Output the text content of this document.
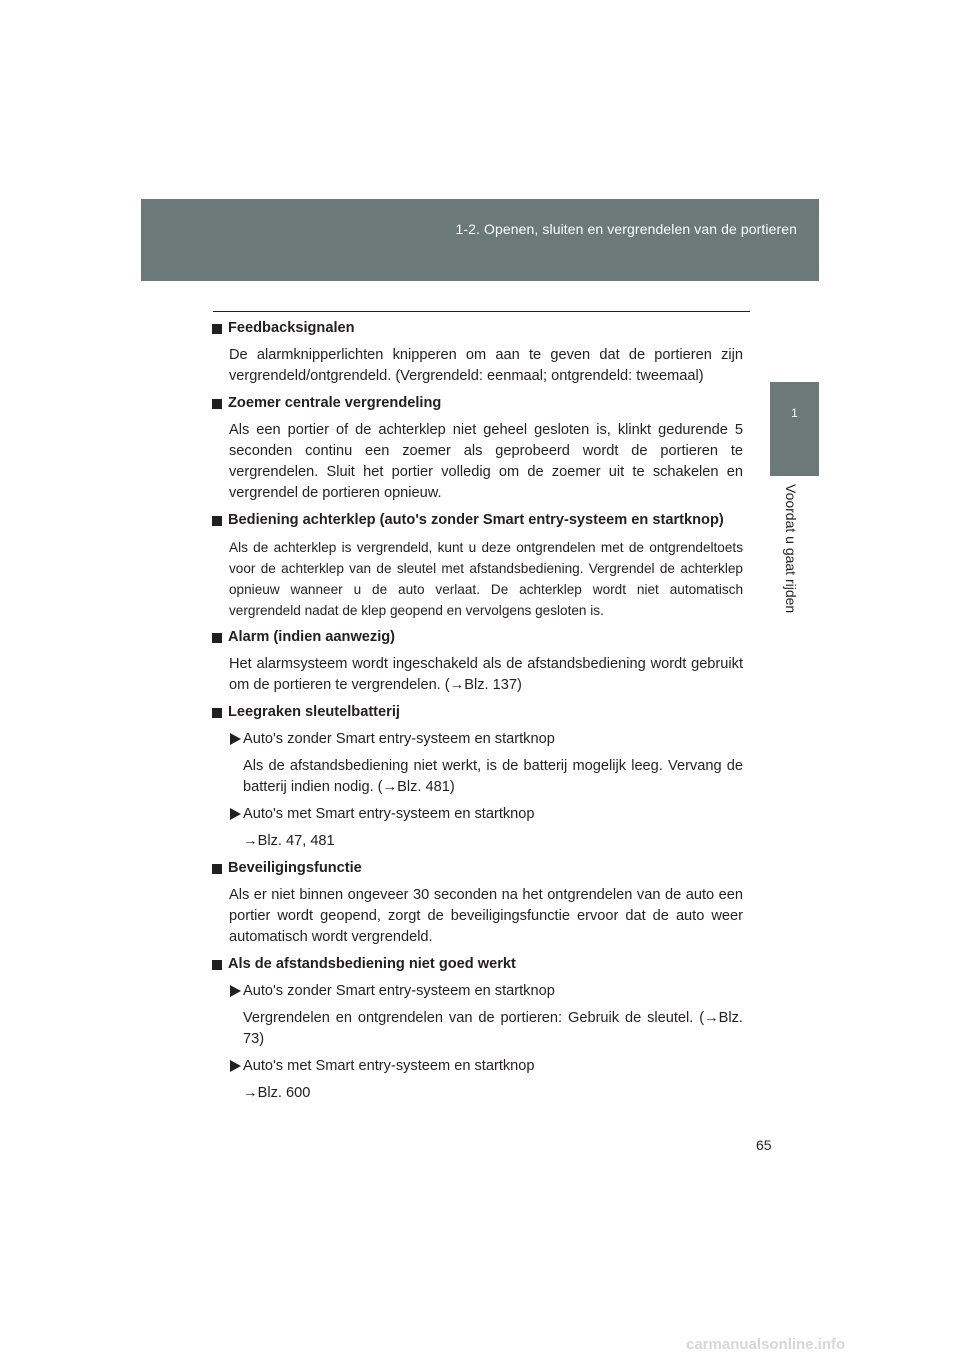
1-2. Openen, sluiten en vergrendelen van de portieren
1
Voordat u gaat rijden
Feedbacksignalen

De alarmknipperlichten knipperen om aan te geven dat de portieren zijn vergrendeld/ontgrendeld. (Vergrendeld: eenmaal; ontgrendeld: tweemaal)

Zoemer centrale vergrendeling

Als een portier of de achterklep niet geheel gesloten is, klinkt gedurende 5 seconden continu een zoemer als geprobeerd wordt de portieren te vergrendelen. Sluit het portier volledig om de zoemer uit te schakelen en vergrendel de portieren opnieuw.

Bediening achterklep (auto's zonder Smart entry-systeem en startknop)

Als de achterklep is vergrendeld, kunt u deze ontgrendelen met de ontgrendeltoets voor de achterklep van de sleutel met afstandsbediening. Vergrendel de achterklep opnieuw wanneer u de auto verlaat. De achterklep wordt niet automatisch vergrendeld nadat de klep geopend en vervolgens gesloten is.

Alarm (indien aanwezig)

Het alarmsysteem wordt ingeschakeld als de afstandsbediening wordt gebruikt om de portieren te vergrendelen. (→Blz. 137)

Leegraken sleutelbatterij
Auto's zonder Smart entry-systeem en startknop

Als de afstandsbediening niet werkt, is de batterij mogelijk leeg. Vervang de batterij indien nodig. (→Blz. 481)

Auto's met Smart entry-systeem en startknop

→Blz. 47, 481

Beveiligingsfunctie

Als er niet binnen ongeveer 30 seconden na het ontgrendelen van de auto een portier wordt geopend, zorgt de beveiligingsfunctie ervoor dat de auto weer automatisch wordt vergrendeld.

Als de afstandsbediening niet goed werkt
Auto's zonder Smart entry-systeem en startknop

Vergrendelen en ontgrendelen van de portieren: Gebruik de sleutel. (→Blz. 73)

Auto's met Smart entry-systeem en startknop

→Blz. 600

65
carmanualsonline.info
